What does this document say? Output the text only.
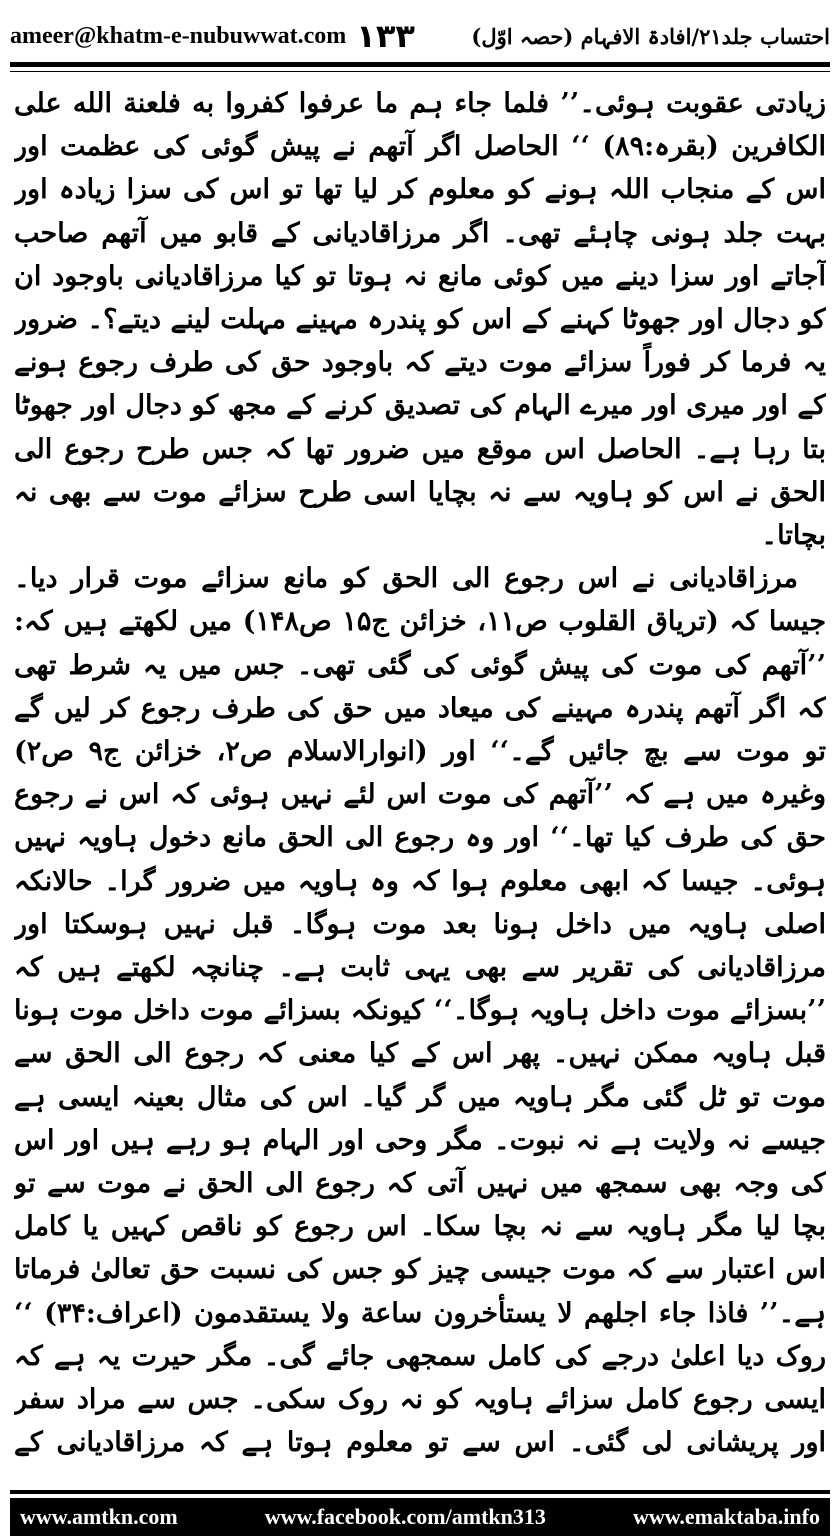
ameer@khatm-e-nubuwwat.com ۱۳۳	احتساب جلد۲۱/افادۃ الافہام (حصہ اوّل)

زیادتی عقوبت ہوئی۔’’ فلما جاء ہم ما عرفوا کفروا به فلعنة الله علی الکافرین (بقرہ:۸۹) ‘‘ الحاصل اگر آتھم نے پیش گوئی کی عظمت اور اس کے منجاب اللہ ہونے کو معلوم کر لیا تھا تو اس کی سزا زیادہ اور بہت جلد ہونی چاہئے تھی۔ اگر مرزاقادیانی کے قابو میں آتھم صاحب آجاتے اور سزا دینے میں کوئی مانع نہ ہوتا تو کیا مرزاقادیانی باوجود ان کو دجال اور جھوٹا کہنے کے اس کو پندرہ مہینے مہلت لینے دیتے؟۔ ضرور یہ فرما کر فوراً سزائے موت دیتے کہ باوجود حق کی طرف رجوع ہونے کے اور میری اور میرے الہام کی تصدیق کرنے کے مجھ کو دجال اور جھوٹا بتا رہا ہے۔ الحاصل اس موقع میں ضرور تھا کہ جس طرح رجوع الی الحق نے اس کو ہاویہ سے نہ بچایا اسی طرح سزائے موت سے بھی نہ بچاتا۔

مرزاقادیانی نے اس رجوع الی الحق کو مانع سزائے موت قرار دیا۔ جیسا کہ (تریاق القلوب ص۱۱، خزائن ج۱۵ ص۱۴۸) میں لکھتے ہیں کہ: ’’آتھم کی موت کی پیش گوئی کی گئی تھی۔ جس میں یہ شرط تھی کہ اگر آتھم پندرہ مہینے کی میعاد میں حق کی طرف رجوع کر لیں گے تو موت سے بچ جائیں گے۔‘‘ اور (انوارالاسلام ص۲، خزائن ج۹ ص۲) وغیرہ میں ہے کہ ’’آتھم کی موت اس لئے نہیں ہوئی کہ اس نے رجوع حق کی طرف کیا تھا۔‘‘ اور وہ رجوع الی الحق مانع دخول ہاویہ نہیں ہوئی۔ جیسا کہ ابھی معلوم ہوا کہ وہ ہاویہ میں ضرور گرا۔ حالانکہ اصلی ہاویہ میں داخل ہونا بعد موت ہوگا۔ قبل نہیں ہوسکتا اور مرزاقادیانی کی تقریر سے بھی یہی ثابت ہے۔ چنانچہ لکھتے ہیں کہ ’’بسزائے موت داخل ہاویہ ہوگا۔‘‘ کیونکہ بسزائے موت داخل موت ہونا قبل ہاویہ ممکن نہیں۔ پھر اس کے کیا معنی کہ رجوع الی الحق سے موت تو ٹل گئی مگر ہاویہ میں گر گیا۔ اس کی مثال بعینہ ایسی ہے جیسے نہ ولایت ہے نہ نبوت۔ مگر وحی اور الہام ہو رہے ہیں اور اس کی وجہ بھی سمجھ میں نہیں آتی کہ رجوع الی الحق نے موت سے تو بچا لیا مگر ہاویہ سے نہ بچا سکا۔ اس رجوع کو ناقص کہیں یا کامل اس اعتبار سے کہ موت جیسی چیز کو جس کی نسبت حق تعالیٰ فرماتا ہے۔’’ فاذا جاء اجلهم لا یستأخرون ساعة ولا یستقدمون (اعراف:۳۴) ‘‘ روک دیا اعلیٰ درجے کی کامل سمجھی جائے گی۔ مگر حیرت یہ ہے کہ ایسی رجوع کامل سزائے ہاویہ کو نہ روک سکی۔ جس سے مراد سفر اور پریشانی لی گئی۔ اس سے تو معلوم ہوتا ہے کہ مرزاقادیانی کے

www.amtkn.com	www.facebook.com/amtkn313	www.emaktaba.info
